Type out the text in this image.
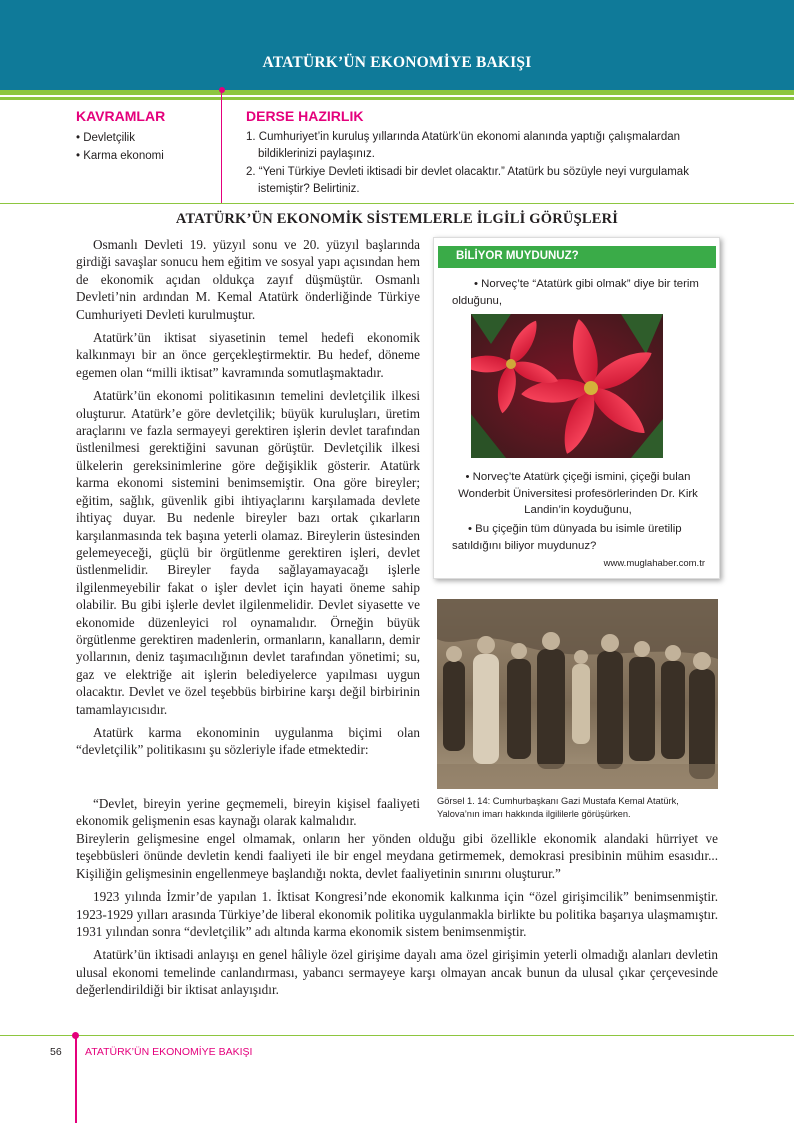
ATATÜRK’ÜN EKONOMİYE BAKIŞI
KAVRAMLAR
• Devletçilik
• Karma ekonomi
DERSE HAZIRLIK
1. Cumhuriyet’in kuruluş yıllarında Atatürk’ün ekonomi alanında yaptığı çalışmalardan bildiklerinizi paylaşınız.
2. “Yeni Türkiye Devleti iktisadi bir devlet olacaktır.” Atatürk bu sözüyle neyi vurgulamak istemiştir? Belirtiniz.
ATATÜRK’ÜN EKONOMİK SİSTEMLERLE İLGİLİ GÖRÜŞLERİ

Osmanlı Devleti 19. yüzyıl sonu ve 20. yüzyıl başlarında girdiği savaşlar sonucu hem eğitim ve sosyal yapı açısından hem de ekonomik açıdan oldukça zayıf düşmüştür. Osmanlı Devleti’nin ardından M. Kemal Atatürk önderliğinde Türkiye Cumhuriyeti Devleti kurulmuştur.

Atatürk’ün iktisat siyasetinin temel hedefi ekonomik kalkınmayı bir an önce gerçekleştirmektir. Bu hedef, döneme egemen olan “milli iktisat” kavramında somutlaşmaktadır.

Atatürk’ün ekonomi politikasının temelini devletçilik ilkesi oluşturur. Atatürk’e göre devletçilik; büyük kuruluşları, üretim araçlarını ve fazla sermayeyi gerektiren işlerin devlet tarafından üstlenilmesi gerektiğini savunan görüştür. Devletçilik ilkesi ülkelerin gereksinimlerine göre değişiklik gösterir. Atatürk karma ekonomi sistemini benimsemiştir. Ona göre bireyler; eğitim, sağlık, güvenlik gibi ihtiyaçlarını karşılamada devlete ihtiyaç duyar. Bu nedenle bireyler bazı ortak çıkarların karşılanmasında tek başına yeterli olamaz. Bireylerin üstesinden gelemeyeceği, güçlü bir örgütlenme gerektiren işleri, devlet üstlenmelidir. Bireyler fayda sağlayamayacağı işlerle ilgilenmeyebilir fakat o işler devlet için hayati öneme sahip olabilir. Bu gibi işlerle devlet ilgilenmelidir. Devlet siyasette ve ekonomide düzenleyici rol oynamalıdır. Örneğin büyük örgütlenme gerektiren madenlerin, ormanların, kanalların, demir yollarının, deniz taşımacılığının devlet tarafından yönetimi; su, gaz ve elektriğe ait işlerin belediyelerce yapılması uygun olacaktır. Devlet ve özel teşebbüs birbirine karşı değil birbirinin tamamlayıcısıdır.

Atatürk karma ekonominin uygulanma biçimi olan “devletçilik” politikasını şu sözleriyle ifade etmektedir:

“Devlet, bireyin yerine geçmemeli, bireyin kişisel faaliyeti ekonomik gelişmenin esas kaynağı olarak kalmalıdır.

Bireylerin gelişmesine engel olmamak, onların her yönden olduğu gibi özellikle ekonomik alandaki hürriyet ve teşebbüsleri önünde devletin kendi faaliyeti ile bir engel meydana getirmemek, demokrasi presibinin mühim esasıdır... Kişiliğin gelişmesinin engellenmeye başlandığı nokta, devlet faaliyetinin sınırını oluşturur.”

1923 yılında İzmir’de yapılan 1. İktisat Kongresi’nde ekonomik kalkınma için “özel girişimcilik” benimsenmiştir. 1923-1929 yılları arasında Türkiye’de liberal ekonomik politika uygulanmakla birlikte bu politika başarıya ulaşmamıştır. 1931 yılından sonra “devletçilik” adı altında karma ekonomik sistem benimsenmiştir.

Atatürk’ün iktisadi anlayışı en genel hâliyle özel girişime dayalı ama özel girişimin yeterli olmadığı alanları devletin ulusal ekonomi temelinde canlandırması, yabancı sermayeye karşı olmayan ancak bunun da ulusal çıkar çerçevesinde değerlendirildiği bir iktisat anlayışıdır.

BİLİYOR MUYDUNUZ?
• Norveç’te “Atatürk gibi olmak” diye bir terim olduğunu,
• Norveç’te Atatürk çiçeği ismini, çiçeği bulan Wonderbit Üniversitesi profesörlerinden Dr. Kirk Landin’in koyduğunu,
• Bu çiçeğin tüm dünyada bu isimle üretilip satıldığını biliyor muydunuz?
www.muglahaber.com.tr
Görsel 1. 14: Cumhurbaşkanı Gazi Mustafa Kemal Atatürk, Yalova’nın imarı hakkında ilgililerle görüşürken.
56 ATATÜRK’ÜN EKONOMİYE BAKIŞI
